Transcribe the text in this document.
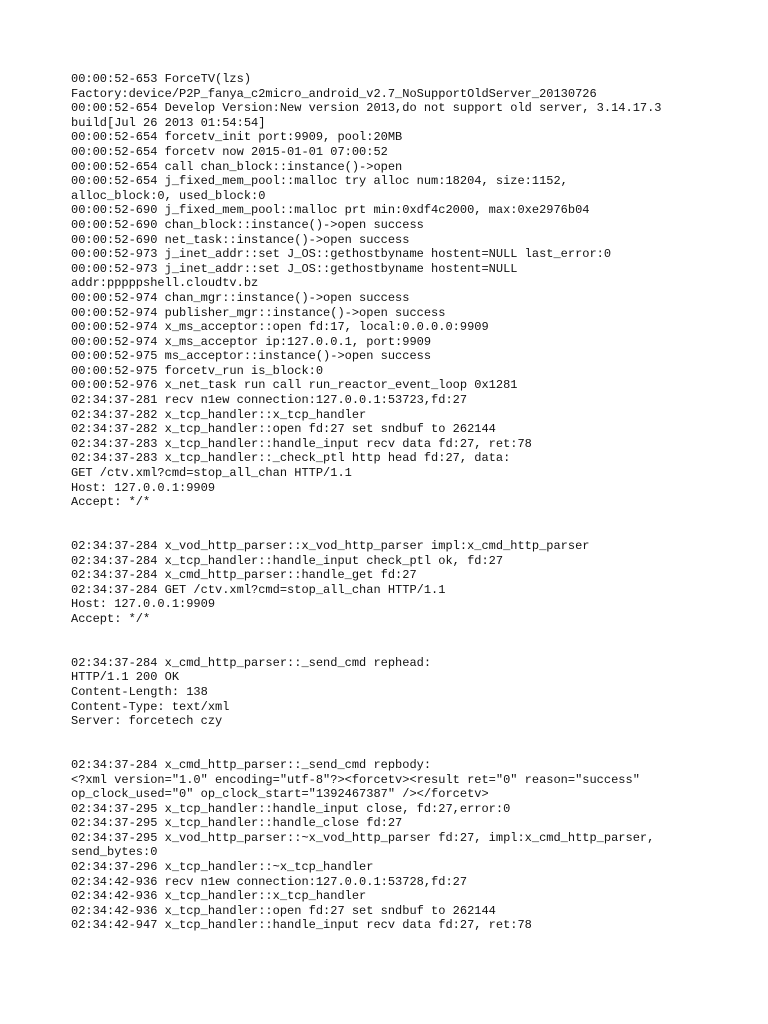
00:00:52-653 ForceTV(lzs)
Factory:device/P2P_fanya_c2micro_android_v2.7_NoSupportOldServer_20130726
00:00:52-654 Develop Version:New version 2013,do not support old server, 3.14.17.3
build[Jul 26 2013 01:54:54]
00:00:52-654 forcetv_init port:9909, pool:20MB
00:00:52-654 forcetv now 2015-01-01 07:00:52
00:00:52-654 call chan_block::instance()->open
00:00:52-654 j_fixed_mem_pool::malloc try alloc num:18204, size:1152,
alloc_block:0, used_block:0
00:00:52-690 j_fixed_mem_pool::malloc prt min:0xdf4c2000, max:0xe2976b04
00:00:52-690 chan_block::instance()->open success
00:00:52-690 net_task::instance()->open success
00:00:52-973 j_inet_addr::set J_OS::gethostbyname hostent=NULL last_error:0
00:00:52-973 j_inet_addr::set J_OS::gethostbyname hostent=NULL
addr:pppppshell.cloudtv.bz
00:00:52-974 chan_mgr::instance()->open success
00:00:52-974 publisher_mgr::instance()->open success
00:00:52-974 x_ms_acceptor::open fd:17, local:0.0.0.0:9909
00:00:52-974 x_ms_acceptor ip:127.0.0.1, port:9909
00:00:52-975 ms_acceptor::instance()->open success
00:00:52-975 forcetv_run is_block:0
00:00:52-976 x_net_task run call run_reactor_event_loop 0x1281
02:34:37-281 recv n1ew connection:127.0.0.1:53723,fd:27
02:34:37-282 x_tcp_handler::x_tcp_handler
02:34:37-282 x_tcp_handler::open fd:27 set sndbuf to 262144
02:34:37-283 x_tcp_handler::handle_input recv data fd:27, ret:78
02:34:37-283 x_tcp_handler::_check_ptl http head fd:27, data:
GET /ctv.xml?cmd=stop_all_chan HTTP/1.1
Host: 127.0.0.1:9909
Accept: */*
02:34:37-284 x_vod_http_parser::x_vod_http_parser impl:x_cmd_http_parser
02:34:37-284 x_tcp_handler::handle_input check_ptl ok, fd:27
02:34:37-284 x_cmd_http_parser::handle_get fd:27
02:34:37-284 GET /ctv.xml?cmd=stop_all_chan HTTP/1.1
Host: 127.0.0.1:9909
Accept: */*
02:34:37-284 x_cmd_http_parser::_send_cmd rephead:
HTTP/1.1 200 OK
Content-Length: 138
Content-Type: text/xml
Server: forcetech czy
02:34:37-284 x_cmd_http_parser::_send_cmd repbody:
<?xml version="1.0" encoding="utf-8"?><forcetv><result ret="0" reason="success"
op_clock_used="0" op_clock_start="1392467387" /></forcetv>
02:34:37-295 x_tcp_handler::handle_input close, fd:27,error:0
02:34:37-295 x_tcp_handler::handle_close fd:27
02:34:37-295 x_vod_http_parser::~x_vod_http_parser fd:27, impl:x_cmd_http_parser,
send_bytes:0
02:34:37-296 x_tcp_handler::~x_tcp_handler
02:34:42-936 recv n1ew connection:127.0.0.1:53728,fd:27
02:34:42-936 x_tcp_handler::x_tcp_handler
02:34:42-936 x_tcp_handler::open fd:27 set sndbuf to 262144
02:34:42-947 x_tcp_handler::handle_input recv data fd:27, ret:78
